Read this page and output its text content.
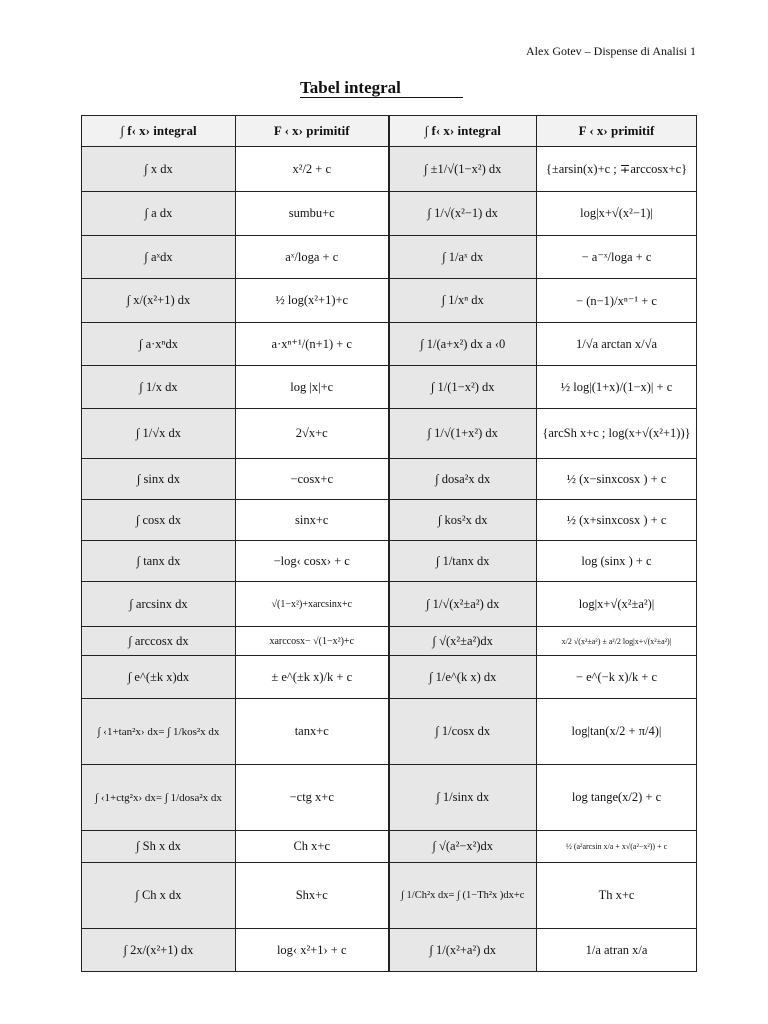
Alex Gotev – Dispense di Analisi 1
Tabel integral
∫ f‹ x› integral	F ‹ x› primitif	∫ f‹ x› integral	F ‹ x› primitif
∫ x dx	x²/2 + c	∫ ±1/√(1−x²) dx	{±arsin(x)+c ; ∓arccosx+c}
∫ a dx	sumbu+c	∫ 1/√(x²−1) dx	log|x+√(x²−1)|
∫ aˣdx	aˣ/loga + c	∫ 1/aˣ dx	− a⁻ˣ/loga + c
∫ x/(x²+1) dx	½ log(x²+1)+c	∫ 1/xⁿ dx	− (n−1)/xⁿ⁻¹ + c
∫ a·xⁿdx	a·xⁿ⁺¹/(n+1) + c	∫ 1/(a+x²) dx a ‹0	1/√a arctan x/√a
∫ 1/x dx	log |x|+c	∫ 1/(1−x²) dx	½ log|(1+x)/(1−x)| + c
∫ 1/√x dx	2√x+c	∫ 1/√(1+x²) dx	{arcSh x+c ; log(x+√(x²+1))}
∫ sinx dx	−cosx+c	∫ dosa²x dx	½ (x−sinxcosx ) + c
∫ cosx dx	sinx+c	∫ kos²x dx	½ (x+sinxcosx ) + c
∫ tanx dx	−log‹ cosx› + c	∫ 1/tanx dx	log (sinx ) + c
∫ arcsinx dx	√(1−x²)+xarcsinx+c	∫ 1/√(x²±a²) dx	log|x+√(x²±a²)|
∫ arccosx dx	xarccosx− √(1−x²)+c	∫ √(x²±a²)dx	x/2 √(x²±a²) ± a²/2 log|x+√(x²±a²)|
∫ e^(±k x)dx	± e^(±k x)/k + c	∫ 1/e^(k x) dx	− e^(−k x)/k + c
∫ ‹1+tan²x› dx= ∫ 1/kos²x dx	tanx+c	∫ 1/cosx dx	log|tan(x/2 + π/4)|
∫ ‹1+ctg²x› dx= ∫ 1/dosa²x dx	−ctg x+c	∫ 1/sinx dx	log tange(x/2) + c
∫ Sh x dx	Ch x+c	∫ √(a²−x²)dx	½ (a²arcsin x/a + x√(a²−x²)) + c
∫ Ch x dx	Shx+c	∫ 1/Ch²x dx= ∫ (1−Th²x )dx+c	Th x+c
∫ 2x/(x²+1) dx	log‹ x²+1› + c	∫ 1/(x²+a²) dx	1/a atran x/a
